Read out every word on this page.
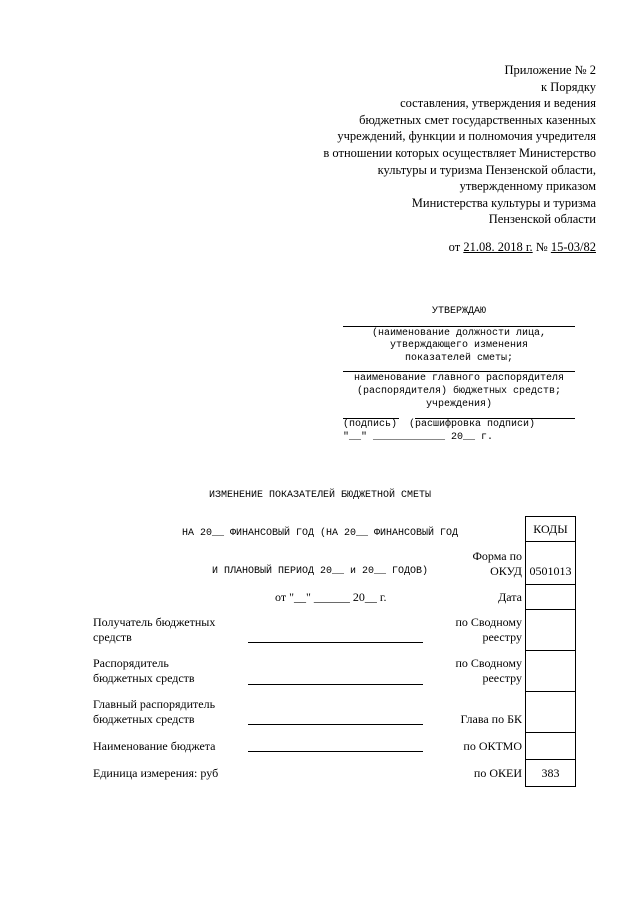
Приложение № 2
к Порядку
составления, утверждения и ведения
бюджетных смет государственных казенных
учреждений, функции и полномочия учредителя
в отношении которых осуществляет Министерство
культуры и туризма Пензенской области,
утвержденному приказом
Министерства культуры и туризма
Пензенской области
от 21.08. 2018 г. № 15-03/82
УТВЕРЖДАЮ
(наименование должности лица,
утверждающего изменения
показателей сметы;
наименование главного распорядителя
(распорядителя) бюджетных средств;
учреждения)
(подпись)  (расшифровка подписи)
"__" ____________ 20__ г.

ИЗМЕНЕНИЕ ПОКАЗАТЕЛЕЙ БЮДЖЕТНОЙ СМЕТЫ

НА 20__ ФИНАНСОВЫЙ ГОД (НА 20__ ФИНАНСОВЫЙ ГОД

И ПЛАНОВЫЙ ПЕРИОД 20__ и 20__ ГОДОВ)

КОДЫ
0501013
383
Форма по
ОКУД
от "__" ______ 20__ г.	Дата
по Сводному
реестру
по Сводному
реестру
Глава по БК
по ОКТМО
по ОКЕИ
Получатель бюджетных
средств
Распорядитель
бюджетных средств
Главный распорядитель
бюджетных средств
Наименование бюджета
Единица измерения: руб
